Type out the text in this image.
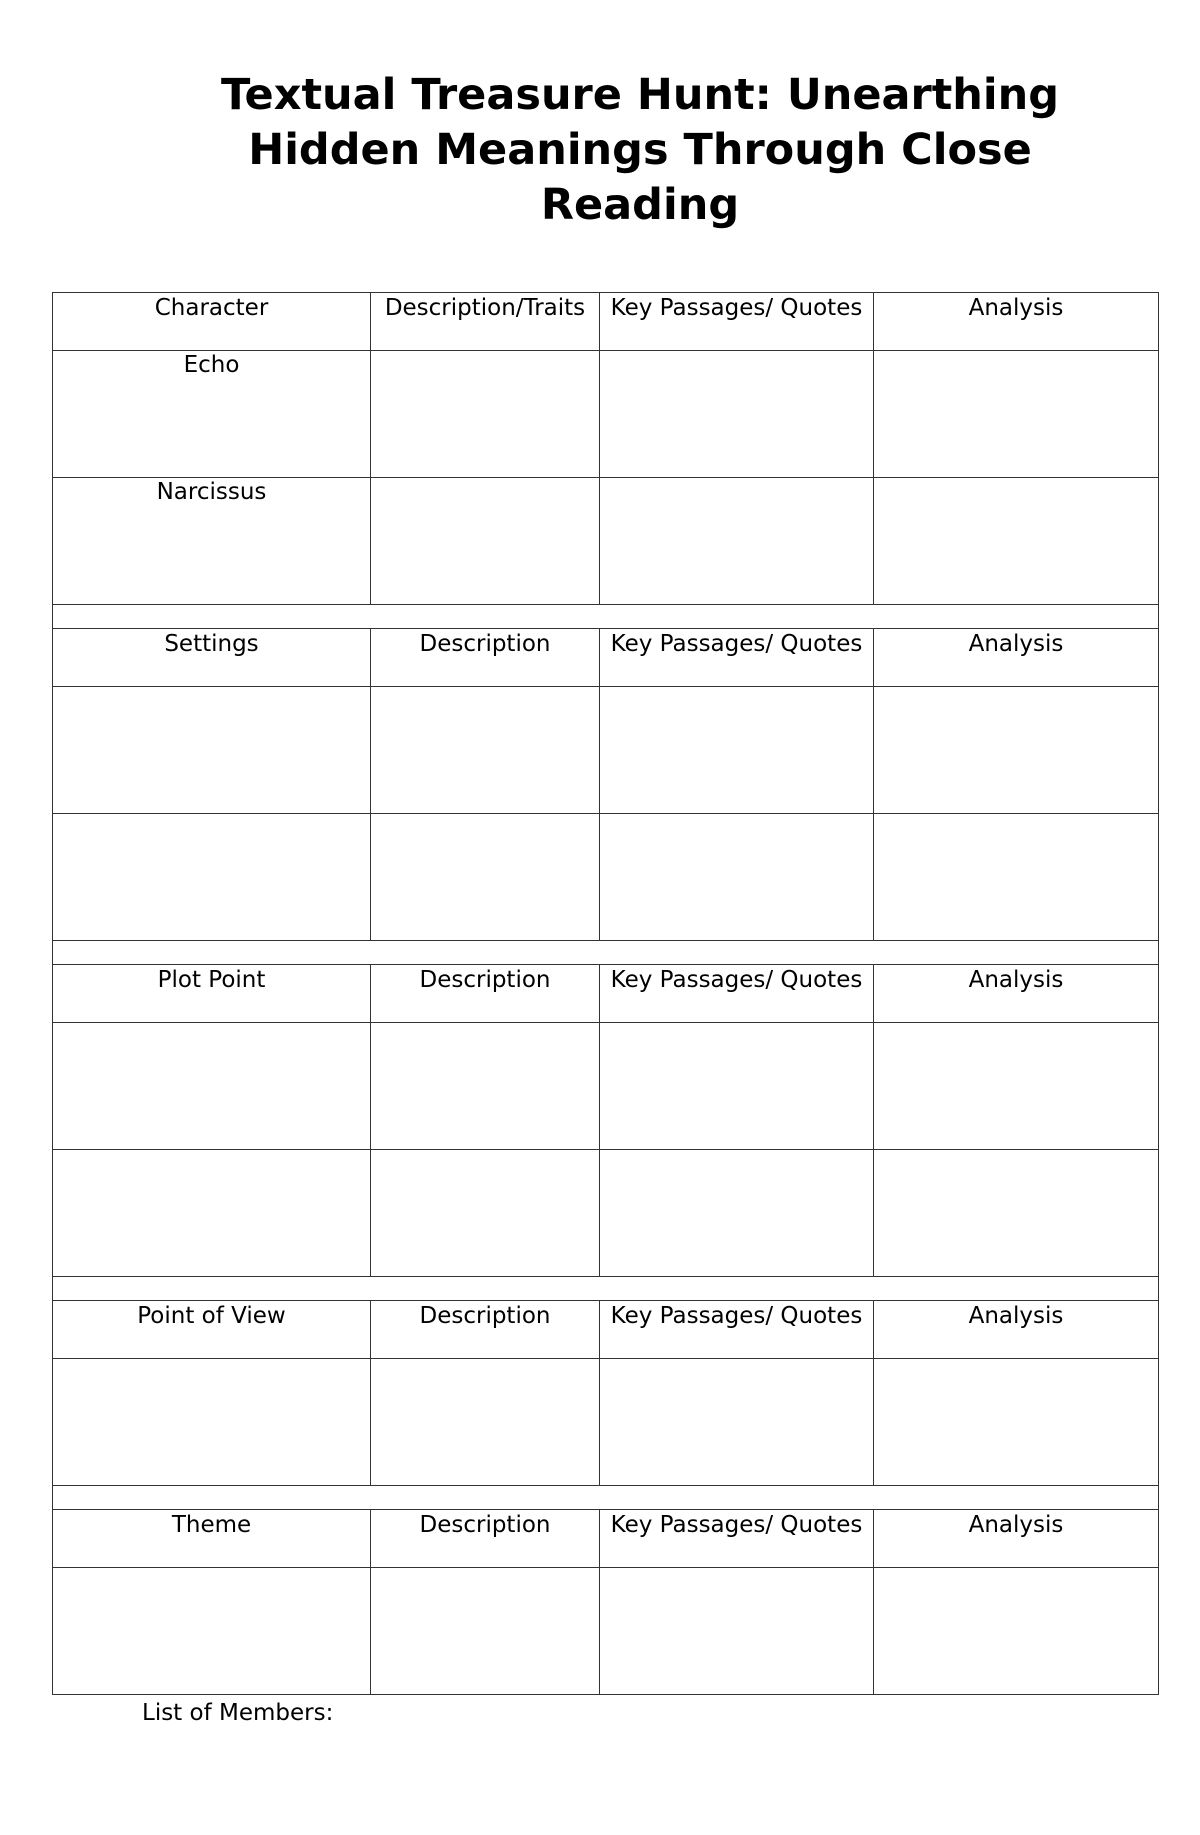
Textual Treasure Hunt: Unearthing Hidden Meanings Through Close Reading
Character	Description/Traits	Key Passages/ Quotes	Analysis
Echo			
Narcissus			

Settings	Description	Key Passages/ Quotes	Analysis

Plot Point	Description	Key Passages/ Quotes	Analysis

Point of View	Description	Key Passages/ Quotes	Analysis

Theme	Description	Key Passages/ Quotes	Analysis

List of Members:
